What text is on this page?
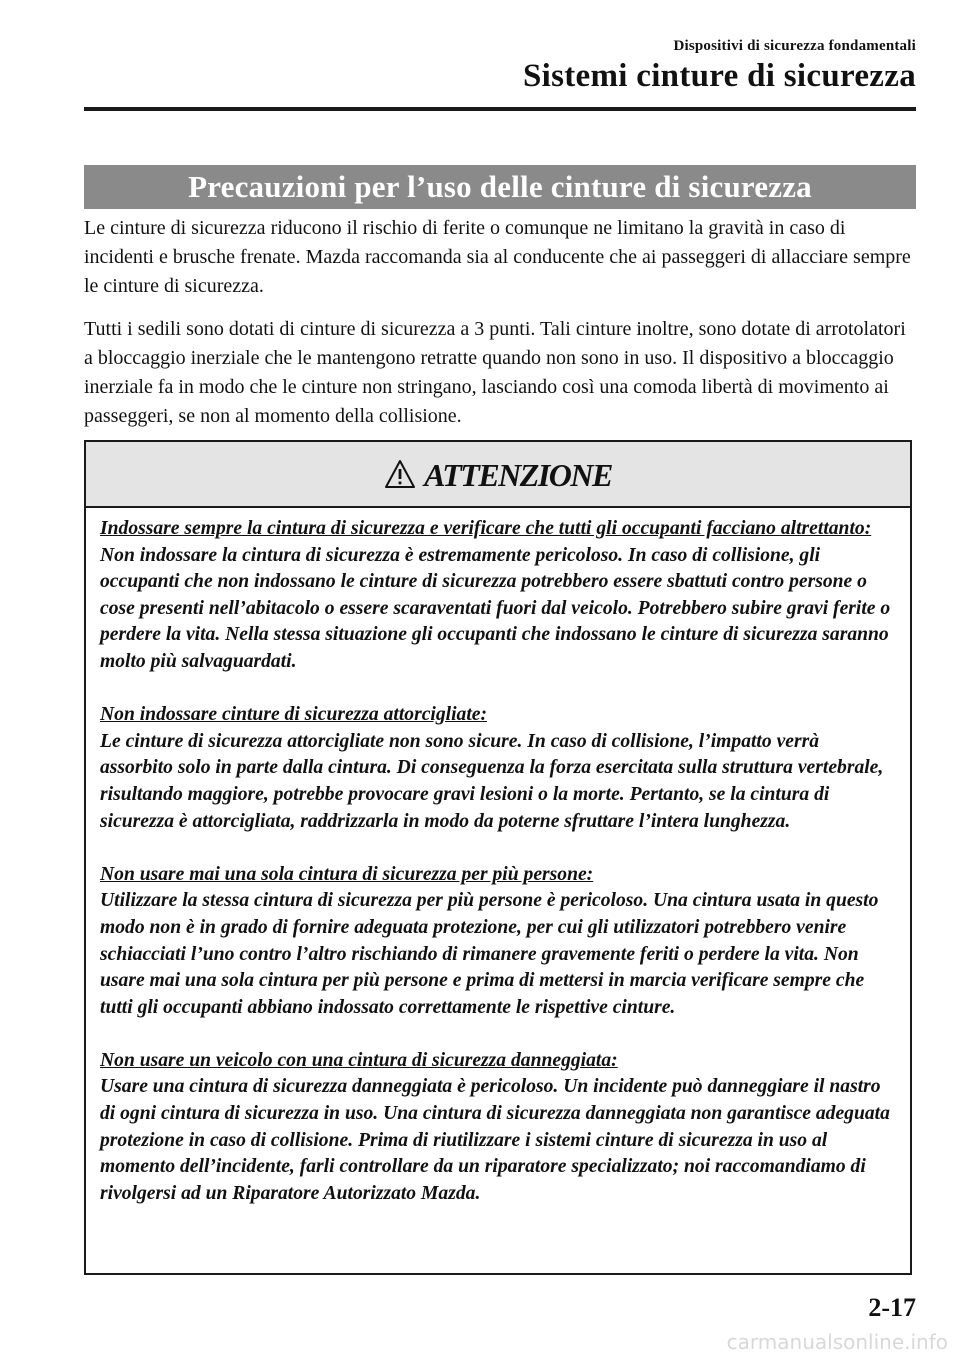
Dispositivi di sicurezza fondamentali
Sistemi cinture di sicurezza
Precauzioni per l’uso delle cinture di sicurezza

Le cinture di sicurezza riducono il rischio di ferite o comunque ne limitano la gravità in caso di incidenti e brusche frenate. Mazda raccomanda sia al conducente che ai passeggeri di allacciare sempre le cinture di sicurezza.

Tutti i sedili sono dotati di cinture di sicurezza a 3 punti. Tali cinture inoltre, sono dotate di arrotolatori a bloccaggio inerziale che le mantengono retratte quando non sono in uso. Il dispositivo a bloccaggio inerziale fa in modo che le cinture non stringano, lasciando così una comoda libertà di movimento ai passeggeri, se non al momento della collisione.

ATTENZIONE
Indossare sempre la cintura di sicurezza e verificare che tutti gli occupanti facciano altrettanto:
Non indossare la cintura di sicurezza è estremamente pericoloso. In caso di collisione, gli occupanti che non indossano le cinture di sicurezza potrebbero essere sbattuti contro persone o cose presenti nell’abitacolo o essere scaraventati fuori dal veicolo. Potrebbero subire gravi ferite o perdere la vita. Nella stessa situazione gli occupanti che indossano le cinture di sicurezza saranno molto più salvaguardati.
Non indossare cinture di sicurezza attorcigliate:
Le cinture di sicurezza attorcigliate non sono sicure. In caso di collisione, l’impatto verrà assorbito solo in parte dalla cintura. Di conseguenza la forza esercitata sulla struttura vertebrale, risultando maggiore, potrebbe provocare gravi lesioni o la morte. Pertanto, se la cintura di sicurezza è attorcigliata, raddrizzarla in modo da poterne sfruttare l’intera lunghezza.
Non usare mai una sola cintura di sicurezza per più persone:
Utilizzare la stessa cintura di sicurezza per più persone è pericoloso. Una cintura usata in questo modo non è in grado di fornire adeguata protezione, per cui gli utilizzatori potrebbero venire schiacciati l’uno contro l’altro rischiando di rimanere gravemente feriti o perdere la vita. Non usare mai una sola cintura per più persone e prima di mettersi in marcia verificare sempre che tutti gli occupanti abbiano indossato correttamente le rispettive cinture.
Non usare un veicolo con una cintura di sicurezza danneggiata:
Usare una cintura di sicurezza danneggiata è pericoloso. Un incidente può danneggiare il nastro di ogni cintura di sicurezza in uso. Una cintura di sicurezza danneggiata non garantisce adeguata protezione in caso di collisione. Prima di riutilizzare i sistemi cinture di sicurezza in uso al momento dell’incidente, farli controllare da un riparatore specializzato; noi raccomandiamo di rivolgersi ad un Riparatore Autorizzato Mazda.
2-17
carmanualsonline.info
